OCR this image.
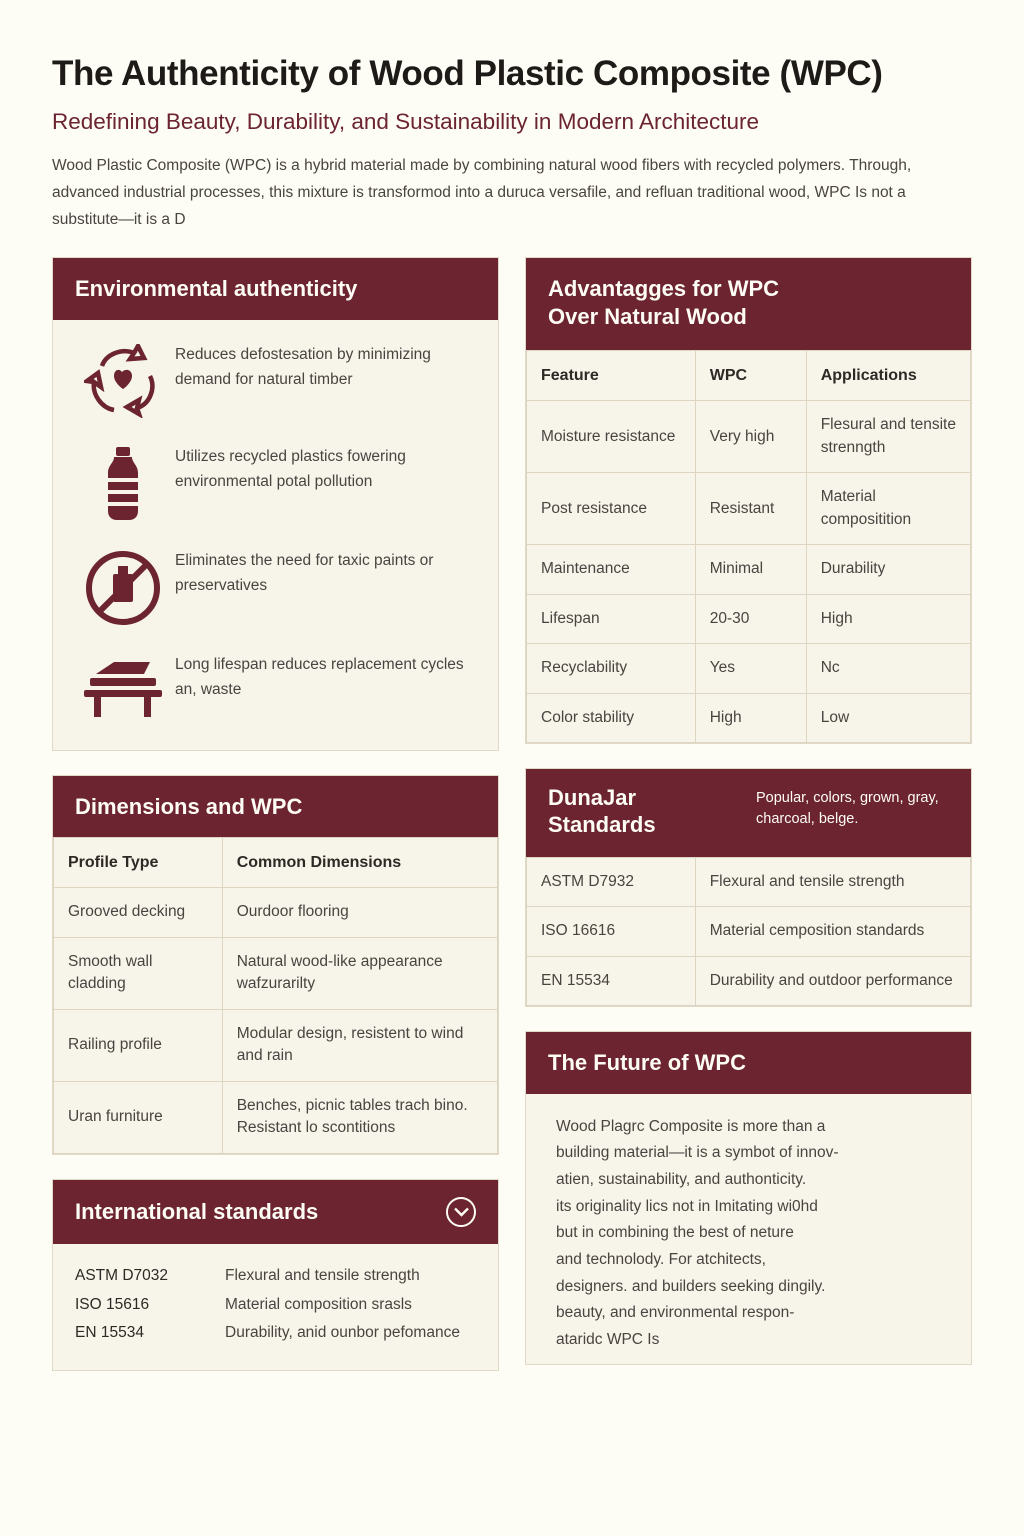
The Authenticity of Wood Plastic Composite (WPC)
Redefining Beauty, Durability, and Sustainability in Modern Architecture
Wood Plastic Composite (WPC) is a hybrid material made by combining natural wood fibers with recycled polymers. Through, advanced industrial processes, this mixture is transformod into a duruca versafile, and refluan traditional wood, WPC Is not a substitute—it is a D
Environmental authenticity
Reduces defostesation by minimizing demand for natural timber
Utilizes recycled plastics fowering environmental potal pollution
Eliminates the need for taxic paints or preservatives
Long lifespan reduces replacement cycles an, waste
Dimensions and WPC
Profile Type	Common Dimensions
Grooved decking	Ourdoor flooring
Smooth wall cladding	Natural wood-like appearance wafzurarilty
Railing profile	Modular design, resistent to wind and rain
Uran furniture	Benches, picnic tables trach bino. Resistant lo scontitions
International standards
ASTM D7032	Flexural and tensile strength
ISO 15616	Material composition srasls
EN 15534	Durability, anid ounbor pefomance
Advantagges for WPC
Over Natural Wood
Feature	WPC	Applications
Moisture resistance	Very high	Flesural and tensite strenngth
Post resistance	Resistant	Material compositition
Maintenance	Minimal	Durability
Lifespan	20-30	High
Recyclability	Yes	Nc
Color stability	High	Low
DunaJar
Standards
Popular, colors, grown, gray, charcoal, belge.
ASTM D7932	Flexural and tensile strength
ISO 16616	Material cemposition standards
EN 15534	Durability and outdoor performance
The Future of WPC
Wood Plagrc Composite is more than a
building material—it is a symbot of innov-
atien, sustainability, and authonticity.
its originality lics not in Imitating wi0hd
but in combining the best of neture
and technolody. For atchitects,
designers. and builders seeking dingily.
beauty, and environmental respon-
ataridc WPC Is
